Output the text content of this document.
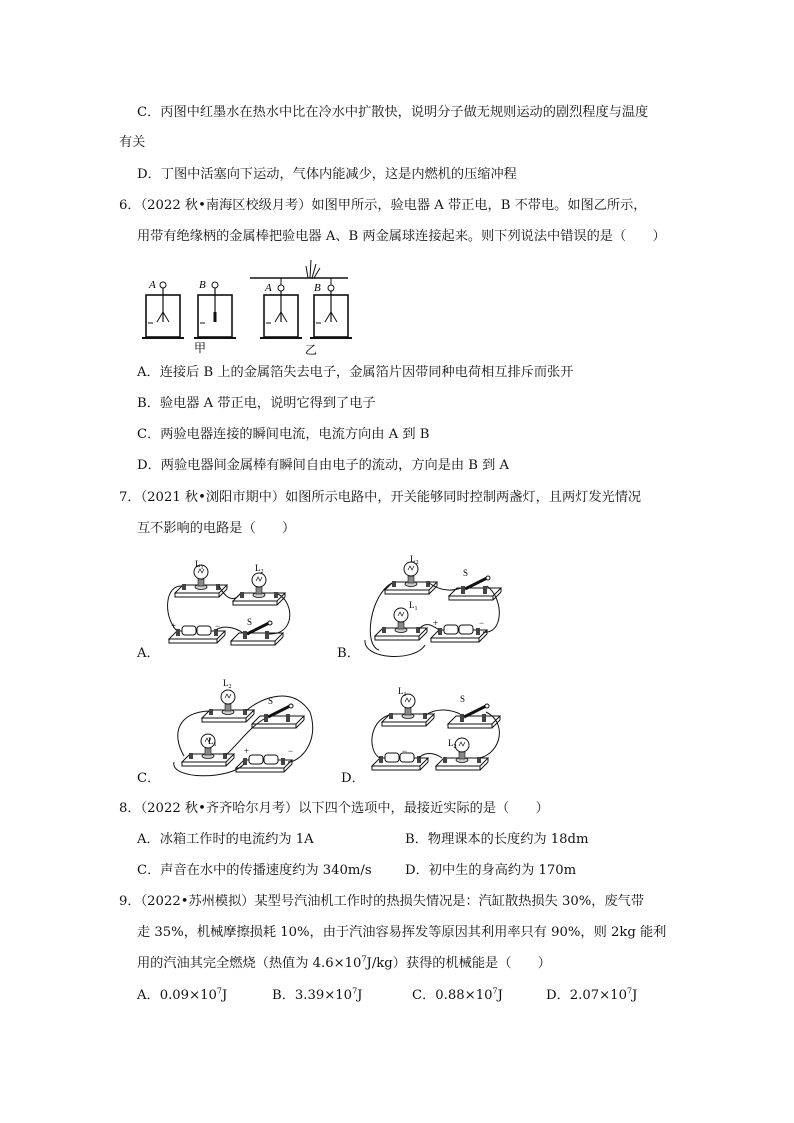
C．丙图中红墨水在热水中比在冷水中扩散快，说明分子做无规则运动的剧烈程度与温度
有关
D．丁图中活塞向下运动，气体内能减少，这是内燃机的压缩冲程
6．（2022 秋•南海区校级月考）如图甲所示，验电器 A 带正电，B 不带电。如图乙所示，
用带有绝缘柄的金属棒把验电器 A、B 两金属球连接起来。则下列说法中错误的是（　　）
A	B
甲
A	B
乙
A．连接后 B 上的金属箔失去电子，金属箔片因带同种电荷相互排斥而张开
B．验电器 A 带正电，说明它得到了电子
C．两验电器连接的瞬间电流，电流方向由 A 到 B
D．两验电器间金属棒有瞬间自由电子的流动，方向是由 B 到 A
7．（2021 秋•浏阳市期中）如图所示电路中，开关能够同时控制两盏灯，且两灯发光情况
互不影响的电路是（　　）
$L_1$	$L_2$
S
+	−
A．
$L_2$
$L_1$
S
+	−
B．
$L_2$
$L_1$
S
+	−
C．
$L_1$
$L_2$
S
−
D．
8．（2022 秋•齐齐哈尔月考）以下四个选项中，最接近实际的是（　　）
A．冰箱工作时的电流约为 1A	B．物理课本的长度约为 18dm
C．声音在水中的传播速度约为 340m/s	D．初中生的身高约为 170m
9．（2022•苏州模拟）某型号汽油机工作时的热损失情况是：汽缸散热损失 30%，废气带
走 35%，机械摩擦损耗 10%，由于汽油容易挥发等原因其利用率只有 90%，则 2kg 能利
用的汽油其完全燃烧（热值为 $4.6\times 10^7J/kg$）获得的机械能是（　　）
A．$0.09\times 10^7J$	B．$3.39\times 10^7J$	C．$0.88\times 10^7J$	D．$2.07\times 10^7J$
